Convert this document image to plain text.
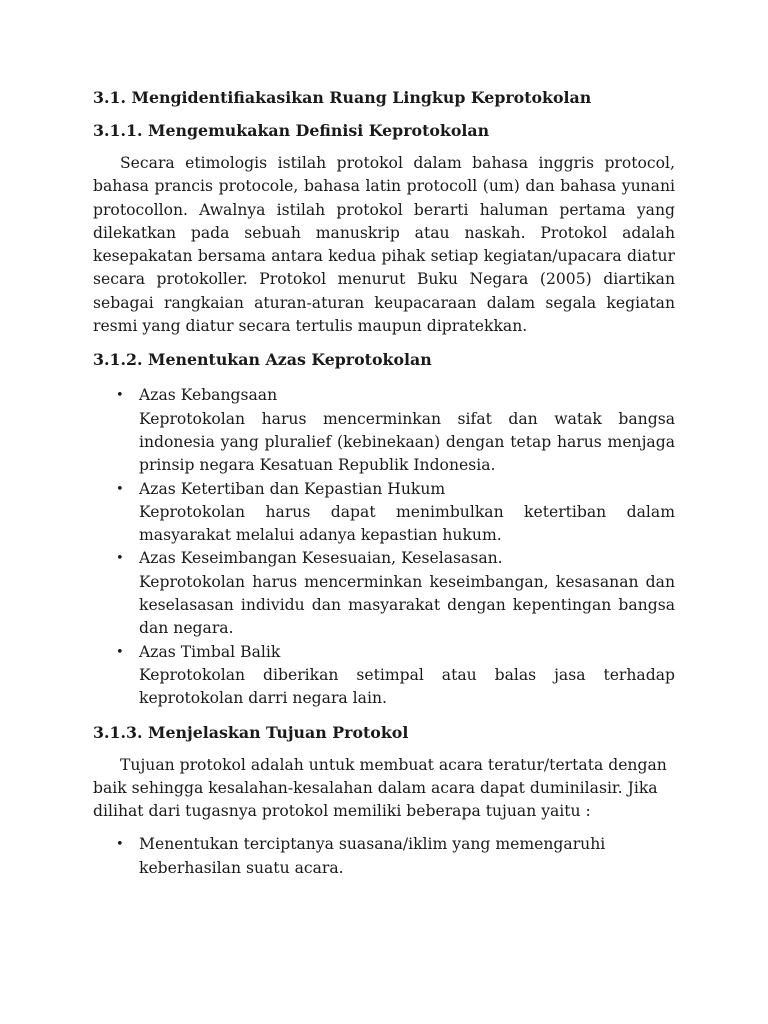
3.1. Mengidentifiakasikan Ruang Lingkup Keprotokolan
3.1.1. Mengemukakan Definisi Keprotokolan

Secara etimologis istilah protokol dalam bahasa inggris protocol, bahasa prancis protocole, bahasa latin protocoll (um) dan bahasa yunani protocollon. Awalnya istilah protokol berarti haluman pertama yang dilekatkan pada sebuah manuskrip atau naskah. Protokol adalah kesepakatan bersama antara kedua pihak setiap kegiatan/upacara diatur secara protokoller. Protokol menurut Buku Negara (2005) diartikan sebagai rangkaian aturan-aturan keupacaraan dalam segala kegiatan resmi yang diatur secara tertulis maupun dipratekkan.

3.1.2. Menentukan Azas Keprotokolan
• Azas Kebangsaan
Keprotokolan harus mencerminkan sifat dan watak bangsa indonesia yang pluralief (kebinekaan) dengan tetap harus menjaga prinsip negara Kesatuan Republik Indonesia.
• Azas Ketertiban dan Kepastian Hukum
Keprotokolan harus dapat menimbulkan ketertiban dalam masyarakat melalui adanya kepastian hukum.
• Azas Keseimbangan Kesesuaian, Keselasasan.
Keprotokolan harus mencerminkan keseimbangan, kesasanan dan keselasasan individu dan masyarakat dengan kepentingan bangsa dan negara.
• Azas Timbal Balik
Keprotokolan diberikan setimpal atau balas jasa terhadap keprotokolan darri negara lain.
3.1.3. Menjelaskan Tujuan Protokol

Tujuan protokol adalah untuk membuat acara teratur/tertata dengan baik sehingga kesalahan-kesalahan dalam acara dapat duminilasir. Jika dilihat dari tugasnya protokol memiliki beberapa tujuan yaitu :

• Menentukan terciptanya suasana/iklim yang memengaruhi keberhasilan suatu acara.
